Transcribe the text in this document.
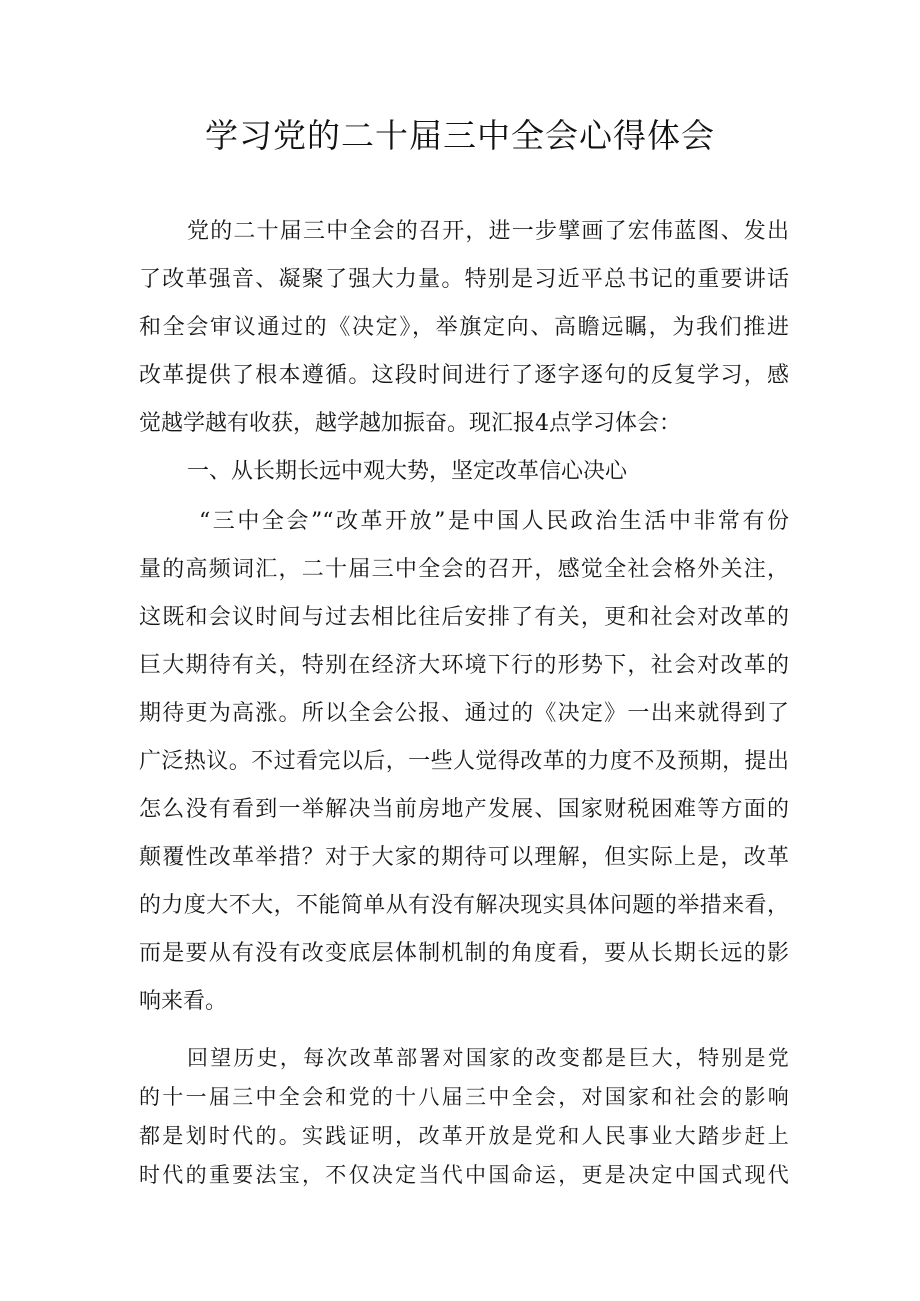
学习党的二十届三中全会心得体会
党的二十届三中全会的召开，进一步擘画了宏伟蓝图、发出
了改革强音、凝聚了强大力量。特别是习近平总书记的重要讲话
和全会审议通过的《决定》，举旗定向、高瞻远瞩，为我们推进
改革提供了根本遵循。这段时间进行了逐字逐句的反复学习，感
觉越学越有收获，越学越加振奋。现汇报4点学习体会：
一、从长期长远中观大势，坚定改革信心决心
“三中全会”“改革开放”是中国人民政治生活中非常有份
量的高频词汇，二十届三中全会的召开，感觉全社会格外关注，
这既和会议时间与过去相比往后安排了有关，更和社会对改革的
巨大期待有关，特别在经济大环境下行的形势下，社会对改革的
期待更为高涨。所以全会公报、通过的《决定》一出来就得到了
广泛热议。不过看完以后，一些人觉得改革的力度不及预期，提出
怎么没有看到一举解决当前房地产发展、国家财税困难等方面的
颠覆性改革举措？对于大家的期待可以理解，但实际上是，改革
的力度大不大，不能简单从有没有解决现实具体问题的举措来看，
而是要从有没有改变底层体制机制的角度看，要从长期长远的影
响来看。
回望历史，每次改革部署对国家的改变都是巨大，特别是党
的十一届三中全会和党的十八届三中全会，对国家和社会的影响
都是划时代的。实践证明，改革开放是党和人民事业大踏步赶上
时代的重要法宝，不仅决定当代中国命运，更是决定中国式现代
